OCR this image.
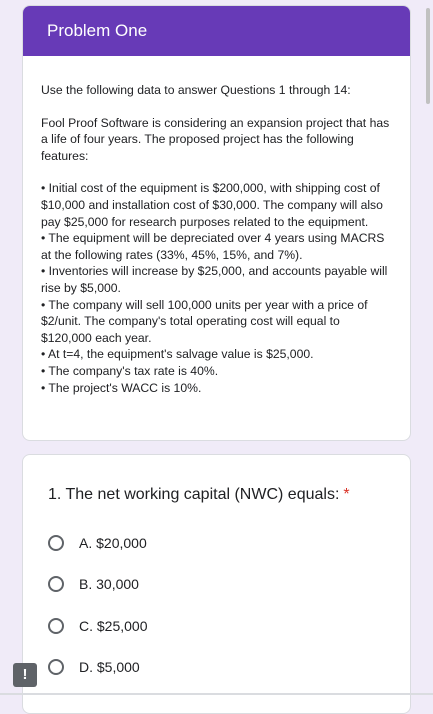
Problem One

Use the following data to answer Questions 1 through 14:

Fool Proof Software is considering an expansion project that has a life of four years. The proposed project has the following features:

• Initial cost of the equipment is $200,000, with shipping cost of $10,000 and installation cost of $30,000. The company will also pay $25,000 for research purposes related to the equipment.
• The equipment will be depreciated over 4 years using MACRS at the following rates (33%, 45%, 15%, and 7%).
• Inventories will increase by $25,000, and accounts payable will rise by $5,000.
• The company will sell 100,000 units per year with a price of $2/unit. The company's total operating cost will equal to $120,000 each year.
• At t=4, the equipment's salvage value is $25,000.
• The company's tax rate is 40%.
• The project's WACC is 10%.
1. The net working capital (NWC) equals: *
A. $20,000
B. 30,000
C. $25,000
D. $5,000
!
